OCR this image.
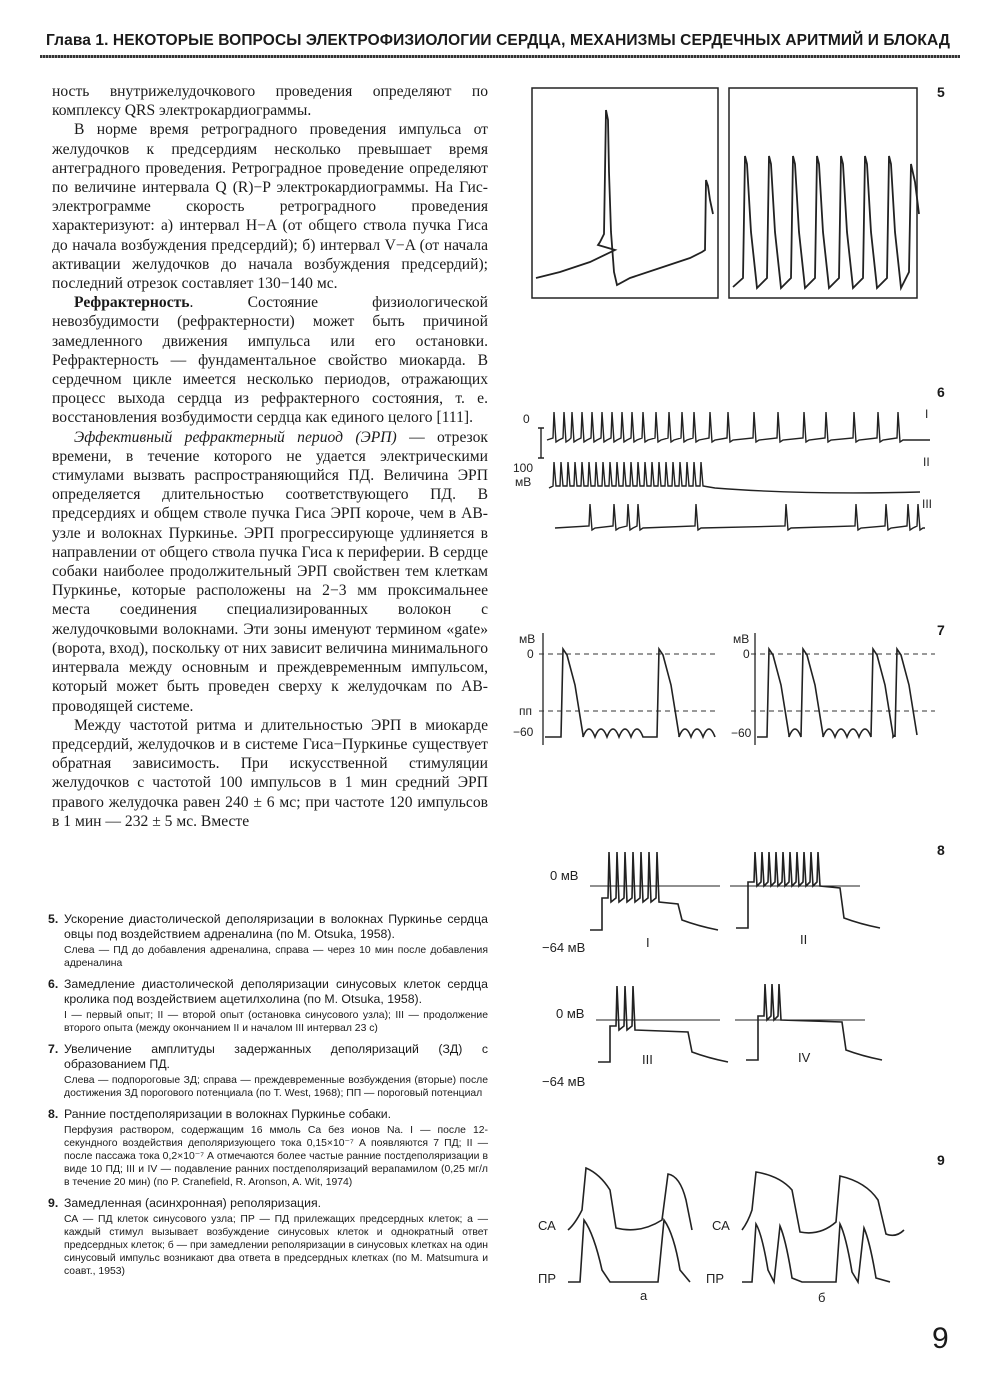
Глава 1. НЕКОТОРЫЕ ВОПРОСЫ ЭЛЕКТРОФИЗИОЛОГИИ СЕРДЦА, МЕХАНИЗМЫ СЕРДЕЧНЫХ АРИТМИЙ И БЛОКАД

ность внутрижелудочкового проведения определяют по комплексу QRS электрокардиограммы.

В норме время ретроградного проведения импульса от желудочков к предсердиям несколько превышает время антеградного проведения. Ретроградное проведение определяют по величине интервала Q (R)−P электрокардиограммы. На Гис-электрограмме скорость ретроградного проведения характеризуют: а) интервал H−A (от общего ствола пучка Гиса до начала возбуждения предсердий); б) интервал V−A (от начала активации желудочков до начала возбуждения предсердий); последний отрезок составляет 130−140 мс.

Рефрактерность. Состояние физиологической невозбудимости (рефрактерности) может быть причиной замедленного движения импульса или его остановки. Рефрактерность — фундаментальное свойство миокарда. В сердечном цикле имеется несколько периодов, отражающих процесс выхода сердца из рефрактерного состояния, т. е. восстановления возбудимости сердца как единого целого [111].

Эффективный рефрактерный период (ЭРП) — отрезок времени, в течение которого не удается электрическими стимулами вызвать распространяющийся ПД. Величина ЭРП определяется длительностью соответствующего ПД. В предсердиях и общем стволе пучка Гиса ЭРП короче, чем в АВ-узле и волокнах Пуркинье. ЭРП прогрессирующе удлиняется в направлении от общего ствола пучка Гиса к периферии. В сердце собаки наиболее продолжительный ЭРП свойствен тем клеткам Пуркинье, которые расположены на 2−3 мм проксимальнее места соединения специализированных волокон с желудочковыми волокнами. Эти зоны именуют термином «gate» (ворота, вход), поскольку от них зависит величина минимального интервала между основным и преждевременным импульсом, который может быть проведен сверху к желудочкам по АВ-проводящей системе.

Между частотой ритма и длительностью ЭРП в миокарде предсердий, желудочков и в системе Гиса−Пуркинье существует обратная зависимость. При искусственной стимуляции желудочков с частотой 100 импульсов в 1 мин средний ЭРП правого желудочка равен 240 ± 6 мс; при частоте 120 импульсов в 1 мин — 232 ± 5 мс. Вместе

5. Ускорение диастолической деполяризации в волокнах Пуркинье сердца овцы под воздействием адреналина (по M. Otsuka, 1958).
Слева — ПД до добавления адреналина, справа — через 10 мин после добавления адреналина
6. Замедление диастолической деполяризации синусовых клеток сердца кролика под воздействием ацетилхолина (по M. Otsuka, 1958).
I — первый опыт; II — второй опыт (остановка синусового узла); III — продолжение второго опыта (между окончанием II и началом III интервал 23 с)
7. Увеличение амплитуды задержанных деполяризаций (ЗД) с образованием ПД.
Слева — подпороговые ЗД; справа — преждевременные возбуждения (вторые) после достижения ЗД порогового потенциала (по T. West, 1968); ПП — пороговый потенциал
8. Ранние постдеполяризации в волокнах Пуркинье собаки.
Перфузия раствором, содержащим 16 ммоль Ca без ионов Na. I — после 12-секундного воздействия деполяризующего тока 0,15×10⁻⁷ А появляются 7 ПД; II — после пассажа тока 0,2×10⁻⁷ А отмечаются более частые ранние постдеполяризации в виде 10 ПД; III и IV — подавление ранних постдеполяризаций верапамилом (0,25 мг/л в течение 20 мин) (по P. Cranefield, R. Aronson, A. Wit, 1974)
9. Замедленная (асинхронная) реполяризация.
СА — ПД клеток синусового узла; ПР — ПД прилежащих предсердных клеток; а — каждый стимул вызывает возбуждение синусовых клеток и однократный ответ предсердных клеток; б — при замедлении реполяризации в синусовых клетках на один синусовый импульс возникают два ответа в предсердных клетках (по M. Matsumura и соавт., 1953)
5
6
0
100
мВ
I
II
III
7
мВ
0
пп
−60
мВ
0
−60
8
0 мВ
−64 мВ
0 мВ
−64 мВ
I	II
III	IV
9
СА
ПР
СА
ПР
а	б
9
